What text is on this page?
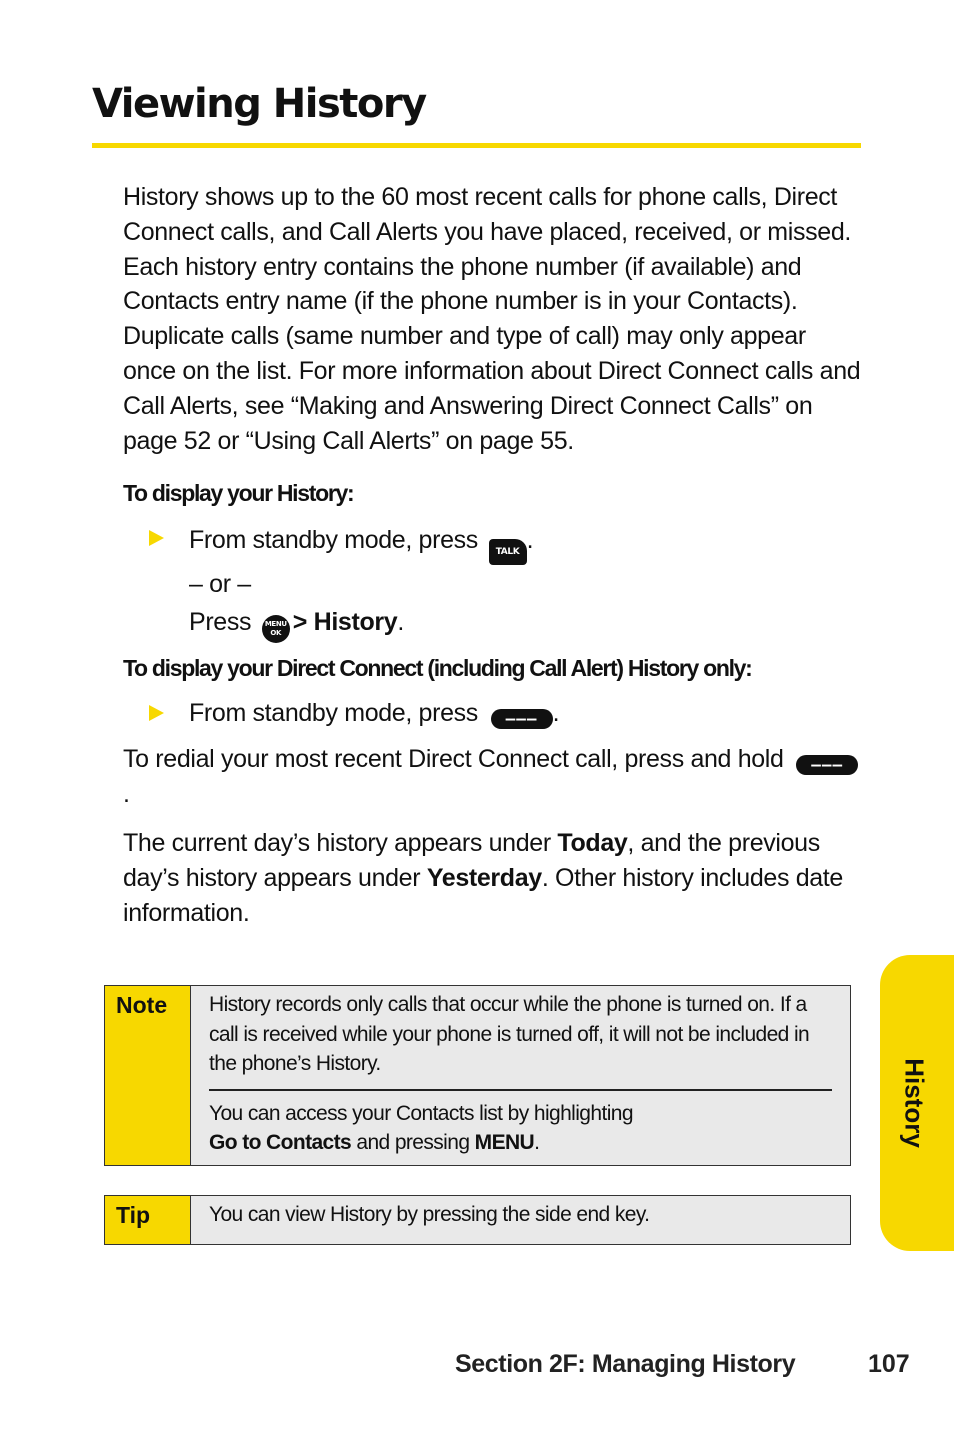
Viewing History

History shows up to the 60 most recent calls for phone calls, Direct Connect calls, and Call Alerts you have placed, received, or missed. Each history entry contains the phone number (if available) and Contacts entry name (if the phone number is in your Contacts). Duplicate calls (same number and type of call) may only appear once on the list. For more information about Direct Connect calls and Call Alerts, see “Making and Answering Direct Connect Calls” on page 52 or “Using Call Alerts” on page 55.

To display your History:

From standby mode, press TALK .
– or –
Press	MENU
OK > History.

To display your Direct Connect (including Call Alert) History only:

From standby mode, press ‒‒‒ .

To redial your most recent Direct Connect call, press and hold ‒‒‒.

The current day’s history appears under Today, and the previous day’s history appears under Yesterday. Other history includes date information.

Note	History records only calls that occur while the phone is turned on. If a call is received while your phone is turned off, it will not be included in the phone’s History.
You can access your Contacts list by highlighting
Go to Contacts and pressing MENU.
Tip	You can view History by pressing the side end key.
History
Section 2F: Managing History	107
